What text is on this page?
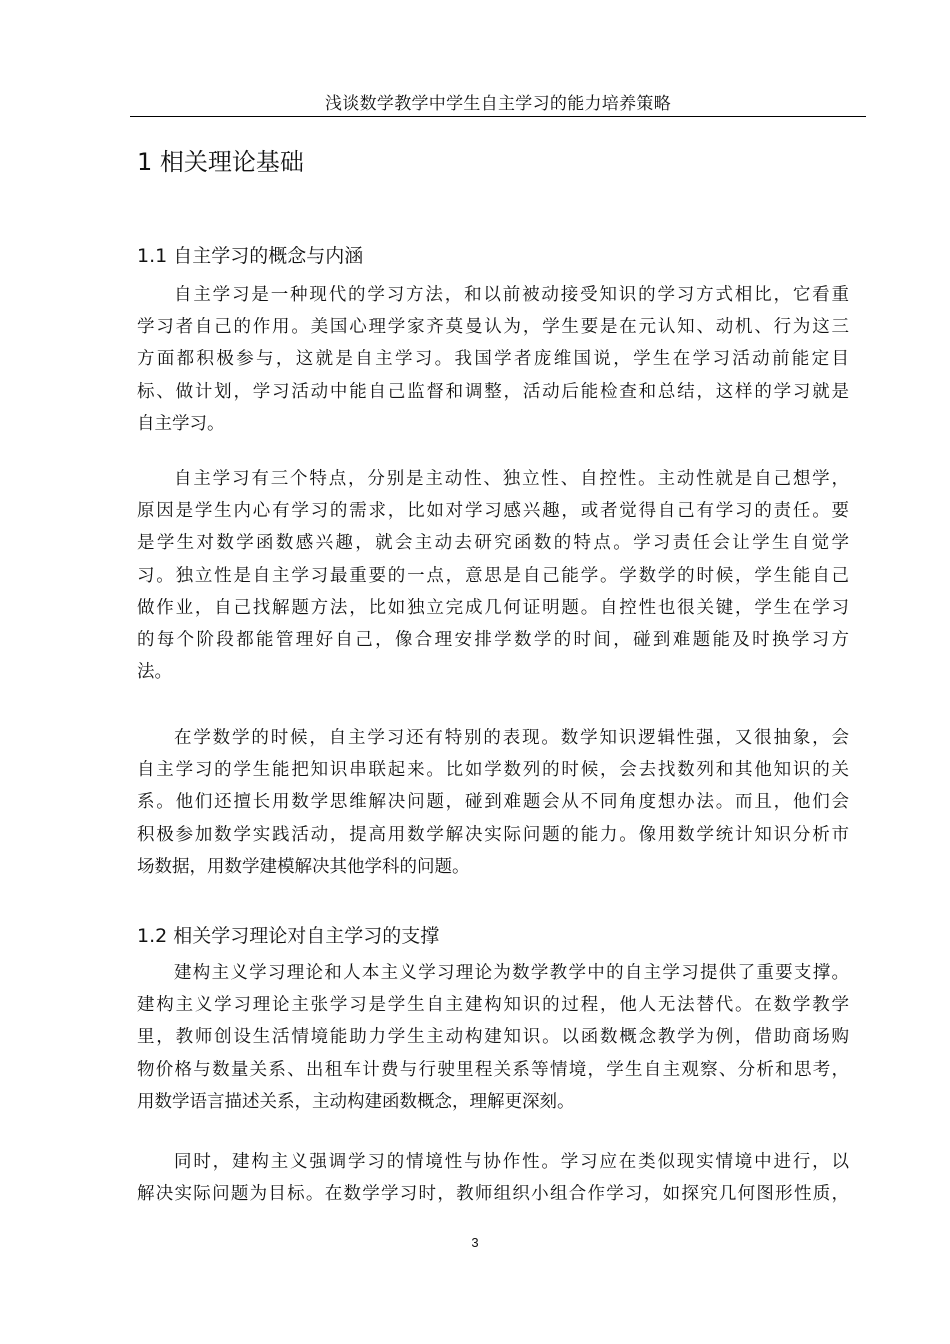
浅谈数学教学中学生自主学习的能力培养策略
1 相关理论基础
1.1 自主学习的概念与内涵
自主学习是一种现代的学习方法，和以前被动接受知识的学习方式相比，它看重
学习者自己的作用。美国心理学家齐莫曼认为，学生要是在元认知、动机、行为这三
方面都积极参与，这就是自主学习。我国学者庞维国说，学生在学习活动前能定目
标、做计划，学习活动中能自己监督和调整，活动后能检查和总结，这样的学习就是
自主学习。
自主学习有三个特点，分别是主动性、独立性、自控性。主动性就是自己想学，
原因是学生内心有学习的需求，比如对学习感兴趣，或者觉得自己有学习的责任。要
是学生对数学函数感兴趣，就会主动去研究函数的特点。学习责任会让学生自觉学
习。独立性是自主学习最重要的一点，意思是自己能学。学数学的时候，学生能自己
做作业，自己找解题方法，比如独立完成几何证明题。自控性也很关键，学生在学习
的每个阶段都能管理好自己，像合理安排学数学的时间，碰到难题能及时换学习方
法。
在学数学的时候，自主学习还有特别的表现。数学知识逻辑性强，又很抽象，会
自主学习的学生能把知识串联起来。比如学数列的时候，会去找数列和其他知识的关
系。他们还擅长用数学思维解决问题，碰到难题会从不同角度想办法。而且，他们会
积极参加数学实践活动，提高用数学解决实际问题的能力。像用数学统计知识分析市
场数据，用数学建模解决其他学科的问题。
1.2 相关学习理论对自主学习的支撑
建构主义学习理论和人本主义学习理论为数学教学中的自主学习提供了重要支撑。
建构主义学习理论主张学习是学生自主建构知识的过程，他人无法替代。在数学教学
里，教师创设生活情境能助力学生主动构建知识。以函数概念教学为例，借助商场购
物价格与数量关系、出租车计费与行驶里程关系等情境，学生自主观察、分析和思考，
用数学语言描述关系，主动构建函数概念，理解更深刻。
同时，建构主义强调学习的情境性与协作性。学习应在类似现实情境中进行，以
解决实际问题为目标。在数学学习时，教师组织小组合作学习，如探究几何图形性质，
3
